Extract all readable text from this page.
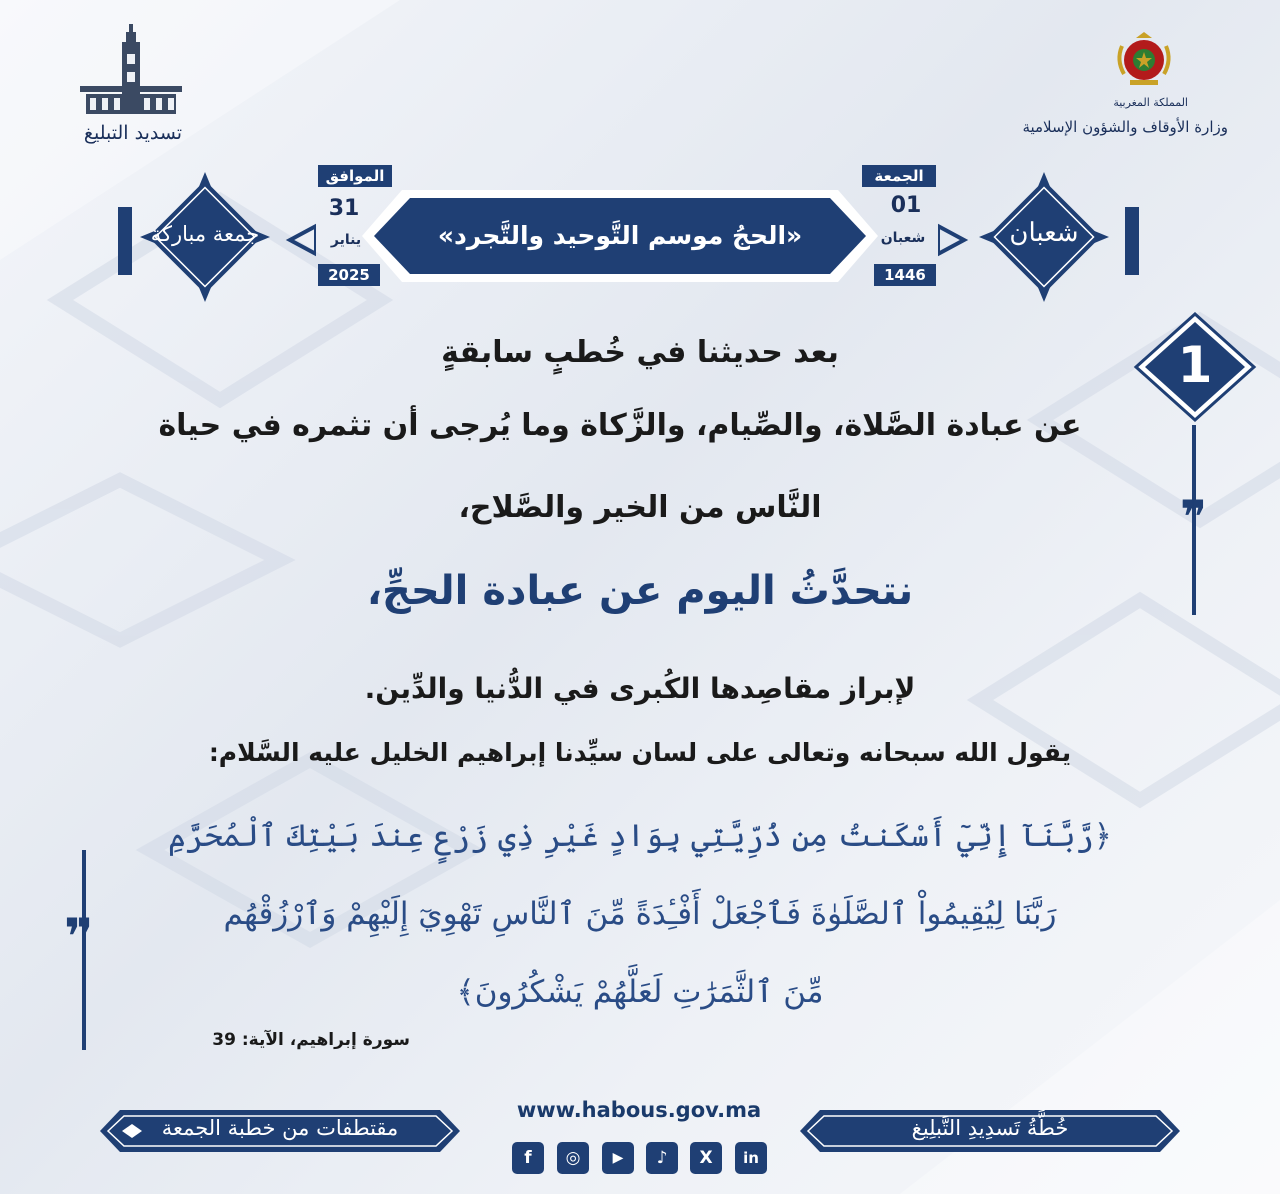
المملكة المغربية
وزارة الأوقاف والشؤون الإسلامية
تسديد التبليغ
شعبان
جمعة مباركة
الجمعة
01
شعبان
1446
الموافق
31
يناير
2025
«الحجُ موسم التَّوحيد والتَّجرد»
1
❞
بعد حديثنا في خُطبٍ سابقةٍ
عن عبادة الصَّلاة، والصِّيام، والزَّكاة وما يُرجى أن تثمره في حياة
النَّاس من الخير والصَّلاح،
نتحدَّثُ اليوم عن عبادة الحجِّ،
لإبراز مقاصِدها الكُبرى في الدُّنيا والدِّين.
يقول الله سبحانه وتعالى على لسان سيِّدنا إبراهيم الخليل عليه السَّلام:
﴿رَّبَّنَآ إِنِّيٓ أَسْكَنتُ مِن ذُرِّيَّتِي بِوَادٍ غَيْرِ ذِي زَرْعٍ عِندَ بَيْتِكَ ٱلْمُحَرَّمِ
رَبَّنَا لِيُقِيمُواْ ٱلصَّلَوٰةَ فَٱجْعَلْ أَفْـِٔدَةً مِّنَ ٱلنَّاسِ تَهْوِيٓ إِلَيْهِمْ وَٱرْزُقْهُم
مِّنَ ٱلثَّمَرَٰتِ لَعَلَّهُمْ يَشْكُرُونَ﴾
سورة إبراهيم، الآية: 39
❞
مقتطفات من خطبة الجمعة	خُطَّةُ تَسدِيدِ التَّبلِيغ
www.habous.gov.ma
f	◎	▶	♪	X	in
